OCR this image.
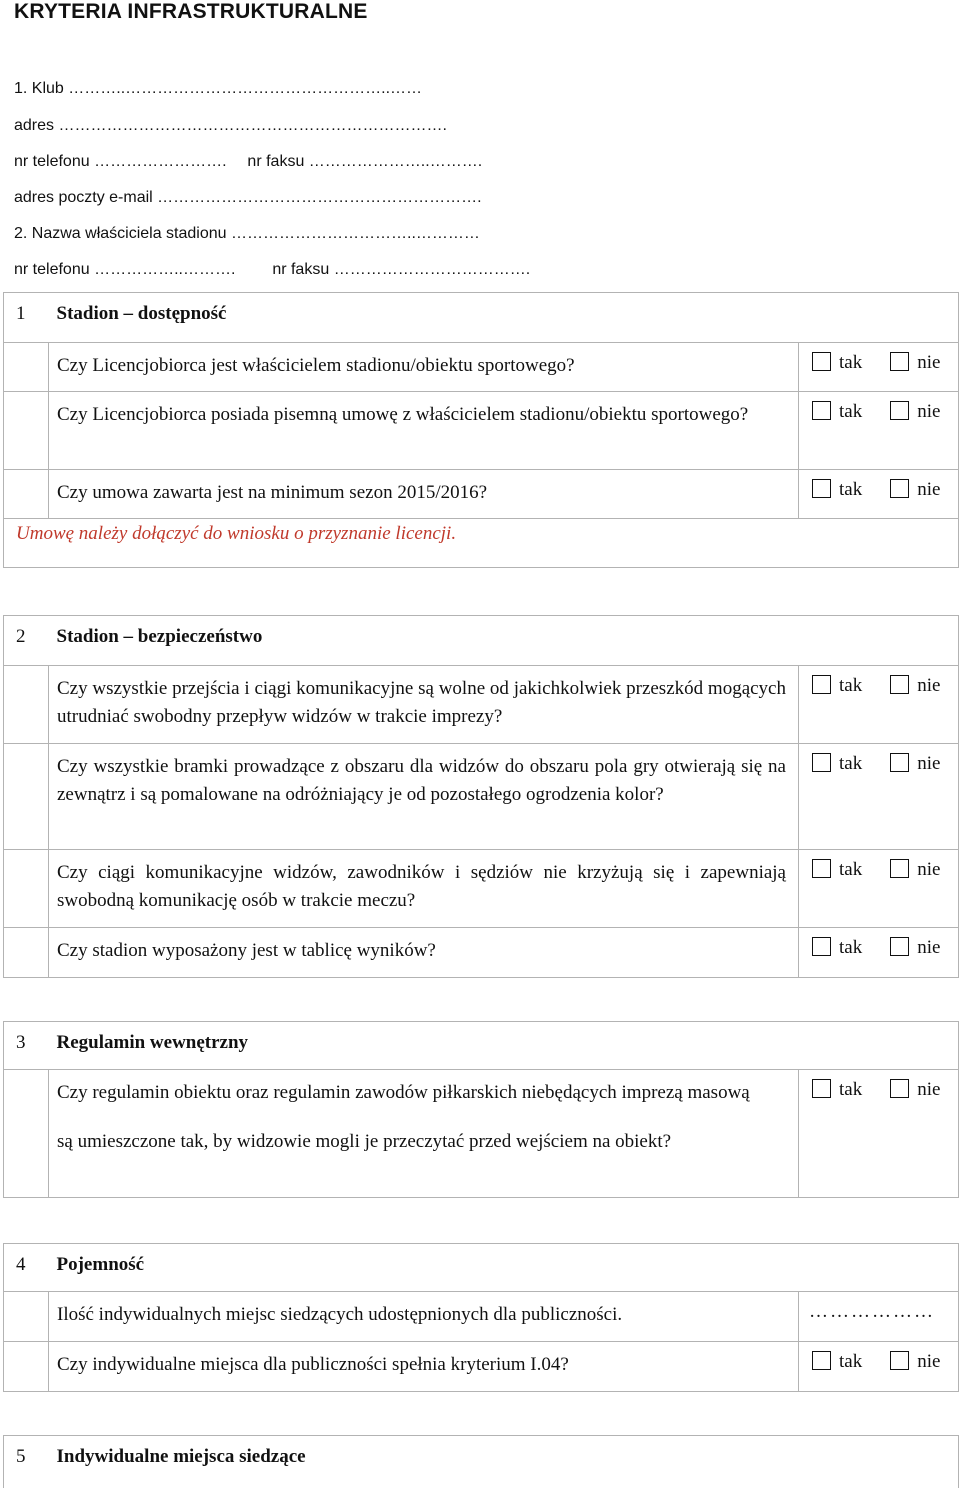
KRYTERIA INFRASTRUKTURALNE
1. Klub ………..…………………………………………..……
adres ……………………………………………………………….
nr telefonu ……………………. nr faksu …………………..……….
adres poczty e-mail …………………………………………………….
2. Nazwa właściciela stadionu ……………………………..…………
nr telefonu ……………..………. nr faksu ……………………………….
1	Stadion – dostępność	
	Czy Licencjobiorca jest właścicielem stadionu/obiektu sportowego?	tak nie
	Czy Licencjobiorca posiada pisemną umowę z właścicielem stadionu/obiektu sportowego?	tak nie
	Czy umowa zawarta jest na minimum sezon 2015/2016?	tak nie
Umowę należy dołączyć do wniosku o przyznanie licencji.		
2	Stadion – bezpieczeństwo	
	Czy wszystkie przejścia i ciągi komunikacyjne są wolne od jakichkolwiek przeszkód mogących utrudniać swobodny przepływ widzów w trakcie imprezy?	tak nie
	Czy wszystkie bramki prowadzące z obszaru dla widzów do obszaru pola gry otwierają się na zewnątrz i są pomalowane na odróżniający je od pozostałego ogrodzenia kolor?	tak nie
	Czy ciągi komunikacyjne widzów, zawodników i sędziów nie krzyżują się i zapewniają swobodną komunikację osób w trakcie meczu?	tak nie
	Czy stadion wyposażony jest w tablicę wyników?	tak nie
3	Regulamin wewnętrzny	

	Czy regulamin obiektu oraz regulamin zawodów piłkarskich niebędących imprezą masową
są umieszczone tak, by widzowie mogli je przeczytać przed wejściem na obiekt?	tak nie
4	Pojemność	
	Ilość indywidualnych miejsc siedzących udostępnionych dla publiczności.	………………
	Czy indywidualne miejsca dla publiczności spełnia kryterium I.04?	tak nie
5	Indywidualne miejsca siedzące
